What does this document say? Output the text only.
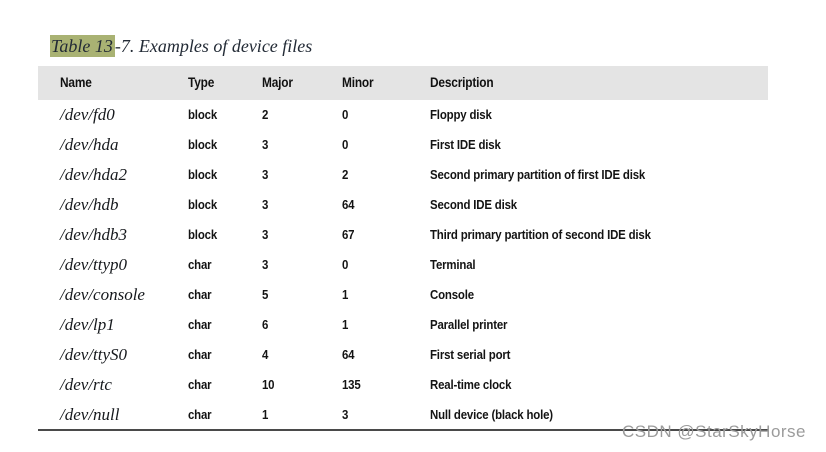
Table 13 -7. Examples of device files
Name	Type	Major	Minor	Description
/dev/fd0	block	2	0	Floppy disk
/dev/hda	block	3	0	First IDE disk
/dev/hda2	block	3	2	Second primary partition of first IDE disk
/dev/hdb	block	3	64	Second IDE disk
/dev/hdb3	block	3	67	Third primary partition of second IDE disk
/dev/ttyp0	char	3	0	Terminal
/dev/console	char	5	1	Console
/dev/lp1	char	6	1	Parallel printer
/dev/ttyS0	char	4	64	First serial port
/dev/rtc	char	10	135	Real-time clock
/dev/null	char	1	3	Null device (black hole)
CSDN @StarSkyHorse
